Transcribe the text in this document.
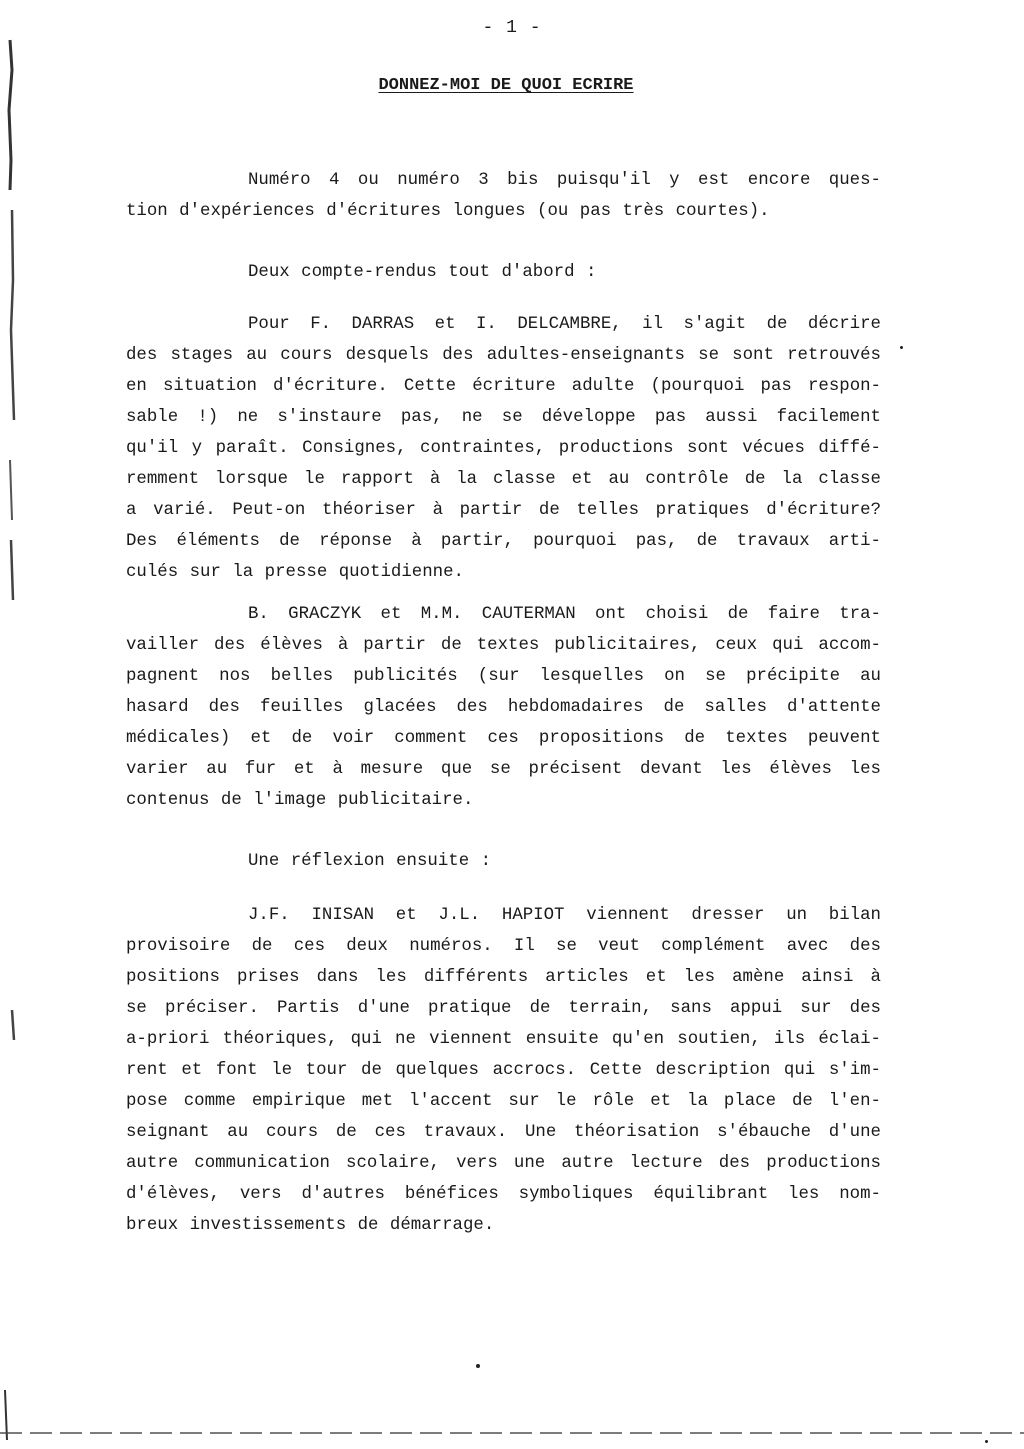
- 1 -
DONNEZ-MOI DE QUOI ECRIRE
Numéro 4 ou numéro 3 bis puisqu'il y est encore ques-
tion d'expériences d'écritures longues (ou pas très courtes).
Deux compte-rendus tout d'abord :
Pour F. DARRAS et I. DELCAMBRE, il s'agit de décrire
des stages au cours desquels des adultes-enseignants se sont retrouvés
en situation d'écriture. Cette écriture adulte (pourquoi pas respon-
sable !) ne s'instaure pas, ne se développe pas aussi facilement
qu'il y paraît. Consignes, contraintes, productions sont vécues diffé-
remment lorsque le rapport à la classe et au contrôle de la classe
a varié. Peut-on théoriser à partir de telles pratiques d'écriture?
Des éléments de réponse à partir, pourquoi pas, de travaux arti-
culés sur la presse quotidienne.
B. GRACZYK et M.M. CAUTERMAN ont choisi de faire tra-
vailler des élèves à partir de textes publicitaires, ceux qui accom-
pagnent nos belles publicités (sur lesquelles on se précipite au
hasard des feuilles glacées des hebdomadaires de salles d'attente
médicales) et de voir comment ces propositions de textes peuvent
varier au fur et à mesure que se précisent devant les élèves les
contenus de l'image publicitaire.
Une réflexion ensuite :
J.F. INISAN et J.L. HAPIOT viennent dresser un bilan
provisoire de ces deux numéros. Il se veut complément avec des
positions prises dans les différents articles et les amène ainsi à
se préciser. Partis d'une pratique de terrain, sans appui sur des
a-priori théoriques, qui ne viennent ensuite qu'en soutien, ils éclai-
rent et font le tour de quelques accrocs. Cette description qui s'im-
pose comme empirique met l'accent sur le rôle et la place de l'en-
seignant au cours de ces travaux. Une théorisation s'ébauche d'une
autre communication scolaire, vers une autre lecture des productions
d'élèves, vers d'autres bénéfices symboliques équilibrant les nom-
breux investissements de démarrage.
